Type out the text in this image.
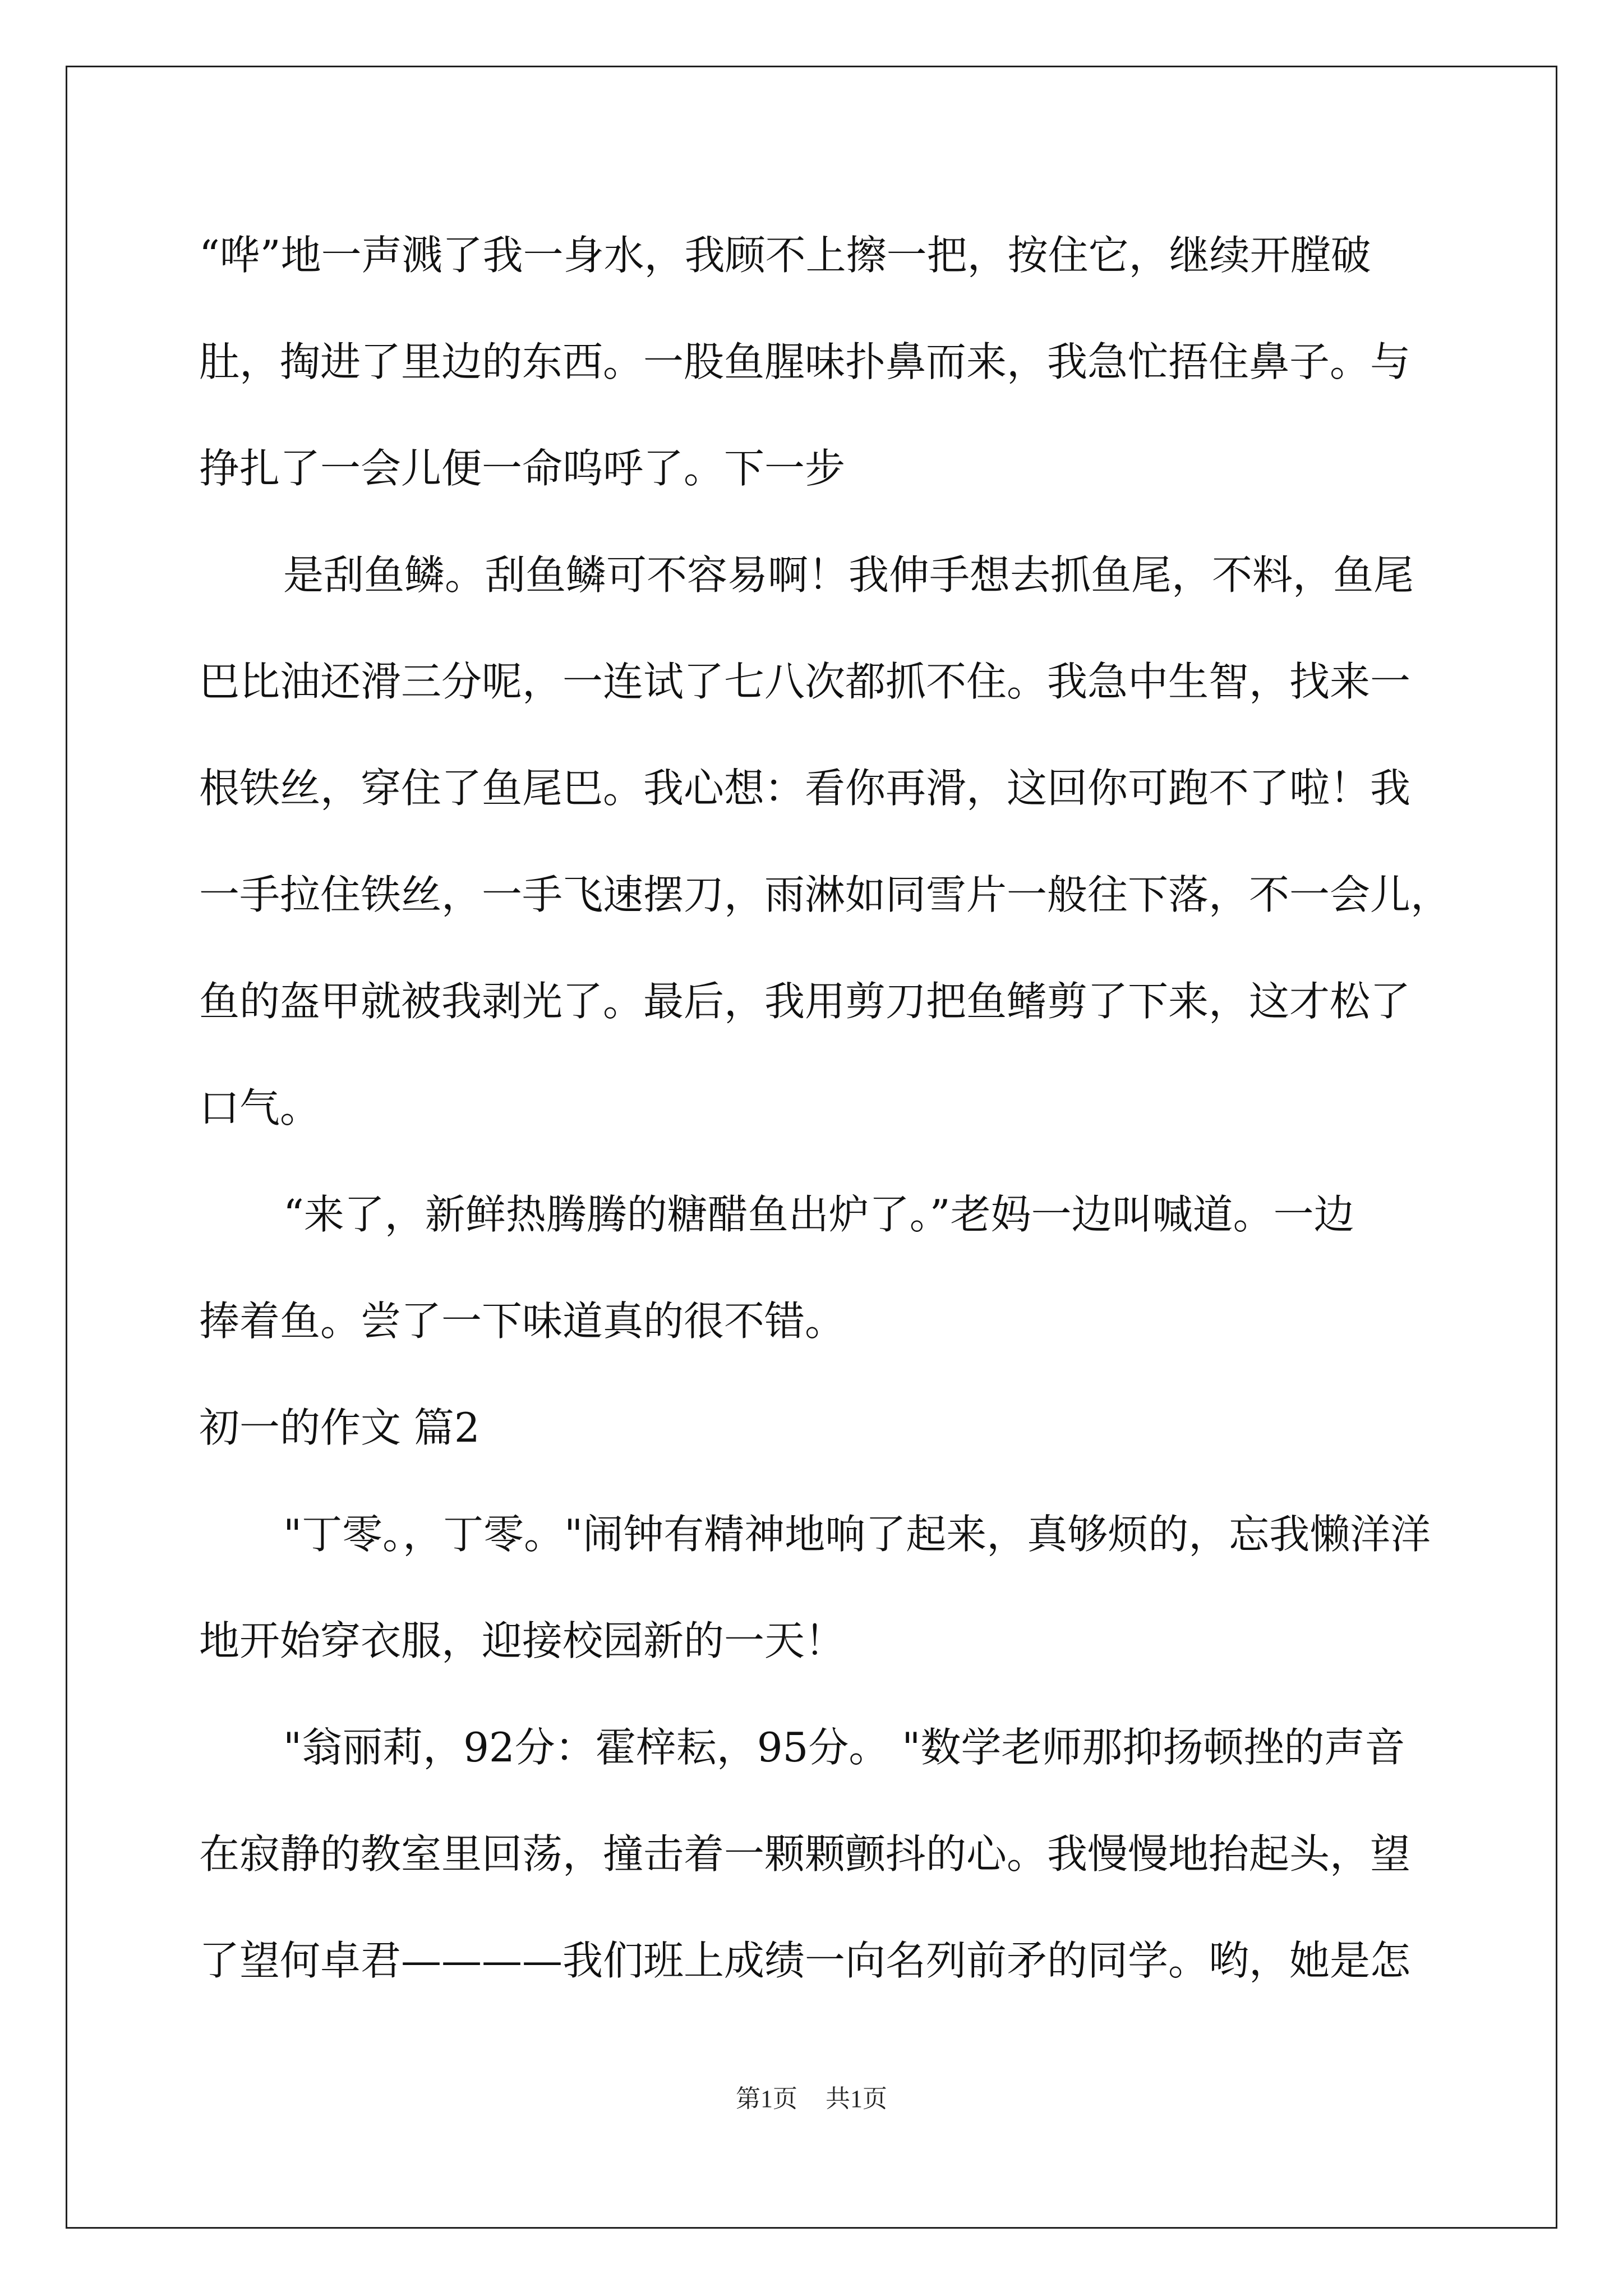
“哗”地一声溅了我一身水，我顾不上擦一把，按住它，继续开膛破
肚，掏进了里边的东西。一股鱼腥味扑鼻而来，我急忙捂住鼻子。与
挣扎了一会儿便一命呜呼了。下一步
是刮鱼鳞。刮鱼鳞可不容易啊！我伸手想去抓鱼尾，不料，鱼尾
巴比油还滑三分呢，一连试了七八次都抓不住。我急中生智，找来一
根铁丝，穿住了鱼尾巴。我心想：看你再滑，这回你可跑不了啦！我
一手拉住铁丝，一手飞速摆刀，雨淋如同雪片一般往下落，不一会儿，
鱼的盔甲就被我剥光了。最后，我用剪刀把鱼鳍剪了下来，这才松了
口气。
“来了，新鲜热腾腾的糖醋鱼出炉了。”老妈一边叫喊道。一边
捧着鱼。尝了一下味道真的很不错。
初一的作文 篇2
"丁零。，丁零。"闹钟有精神地响了起来，真够烦的，忘我懒洋洋
地开始穿衣服，迎接校园新的一天！
"翁丽莉，92分：霍梓耘，95分。 "数学老师那抑扬顿挫的声音
在寂静的教室里回荡，撞击着一颗颗颤抖的心。我慢慢地抬起头，望
了望何卓君————我们班上成绩一向名列前矛的同学。哟，她是怎
第1页 共1页
